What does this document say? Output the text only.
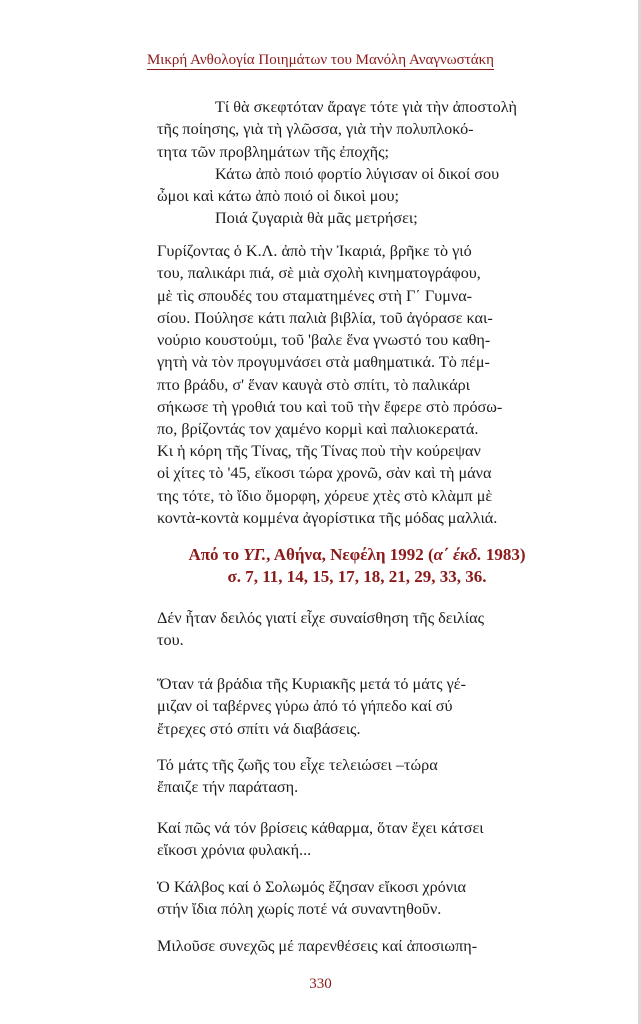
Μικρή Ανθολογία Ποιημάτων του Μανόλη Αναγνωστάκη

Τί θὰ σκεφτόταν ἄραγε τότε γιὰ τὴν ἀποστολὴ
τῆς ποίησης, γιὰ τὴ γλῶσσα, γιὰ τὴν πολυπλοκό-
τητα τῶν προβλημάτων τῆς ἐποχῆς;
Κάτω ἀπὸ ποιό φορτίο λύγισαν οἱ δικοί σου
ὦμοι καὶ κάτω ἀπὸ ποιό οἱ δικοὶ μου;
Ποιά ζυγαριὰ θὰ μᾶς μετρήσει;

Γυρίζοντας ὁ Κ.Λ. ἀπὸ τὴν Ἰκαριά, βρῆκε τὸ γιό
του, παλικάρι πιά, σὲ μιὰ σχολὴ κινηματογράφου,
μὲ τὶς σπουδές του σταματημένες στὴ Γ΄ Γυμνα-
σίου. Πούλησε κάτι παλιὰ βιβλία, τοῦ ἀγόρασε και-
νούριο κουστούμι, τοῦ 'βαλε ἕνα γνωστό του καθη-
γητὴ νὰ τὸν προγυμνάσει στὰ μαθηματικά. Τὸ πέμ-
πτο βράδυ, σ' ἕναν καυγὰ στὸ σπίτι, τὸ παλικάρι
σήκωσε τὴ γροθιά του καὶ τοῦ τὴν ἔφερε στὸ πρόσω-
πο, βρίζοντάς τον χαμένο κορμὶ καὶ παλιοκερατά.

Κι ἡ κόρη τῆς Τίνας, τῆς Τίνας ποὺ τὴν κούρεψαν
οἱ χίτες τὸ '45, εἴκοσι τώρα χρονῶ, σὰν καὶ τὴ μάνα
της τότε, τὸ ἴδιο ὄμορφη, χόρευε χτὲς στὸ κλὰμπ μὲ
κοντὰ-κοντὰ κομμένα ἀγορίστικα τῆς μόδας μαλλιά.

Από το ΥΓ., Αθήνα, Νεφέλη 1992 (α΄ έκδ. 1983)
σ. 7, 11, 14, 15, 17, 18, 21, 29, 33, 36.

Δέν ἦταν δειλός γιατί εἶχε συναίσθηση τῆς δειλίας
του.

Ὅταν τά βράδια τῆς Κυριακῆς μετά τό μάτς γέ-
μιζαν οἱ ταβέρνες γύρω ἀπό τό γήπεδο καί σύ
ἔτρεχες στό σπίτι νά διαβάσεις.

Τό μάτς τῆς ζωῆς του εἶχε τελειώσει –τώρα
ἔπαιζε τήν παράταση.

Καί πῶς νά τόν βρίσεις κάθαρμα, ὅταν ἔχει κάτσει
εἴκοσι χρόνια φυλακή...

Ὁ Κάλβος καί ὁ Σολωμός ἔζησαν εἴκοσι χρόνια
στήν ἴδια πόλη χωρίς ποτέ νά συναντηθοῦν.

Μιλοῦσε συνεχῶς μέ παρενθέσεις καί ἀποσιωπη-

330
